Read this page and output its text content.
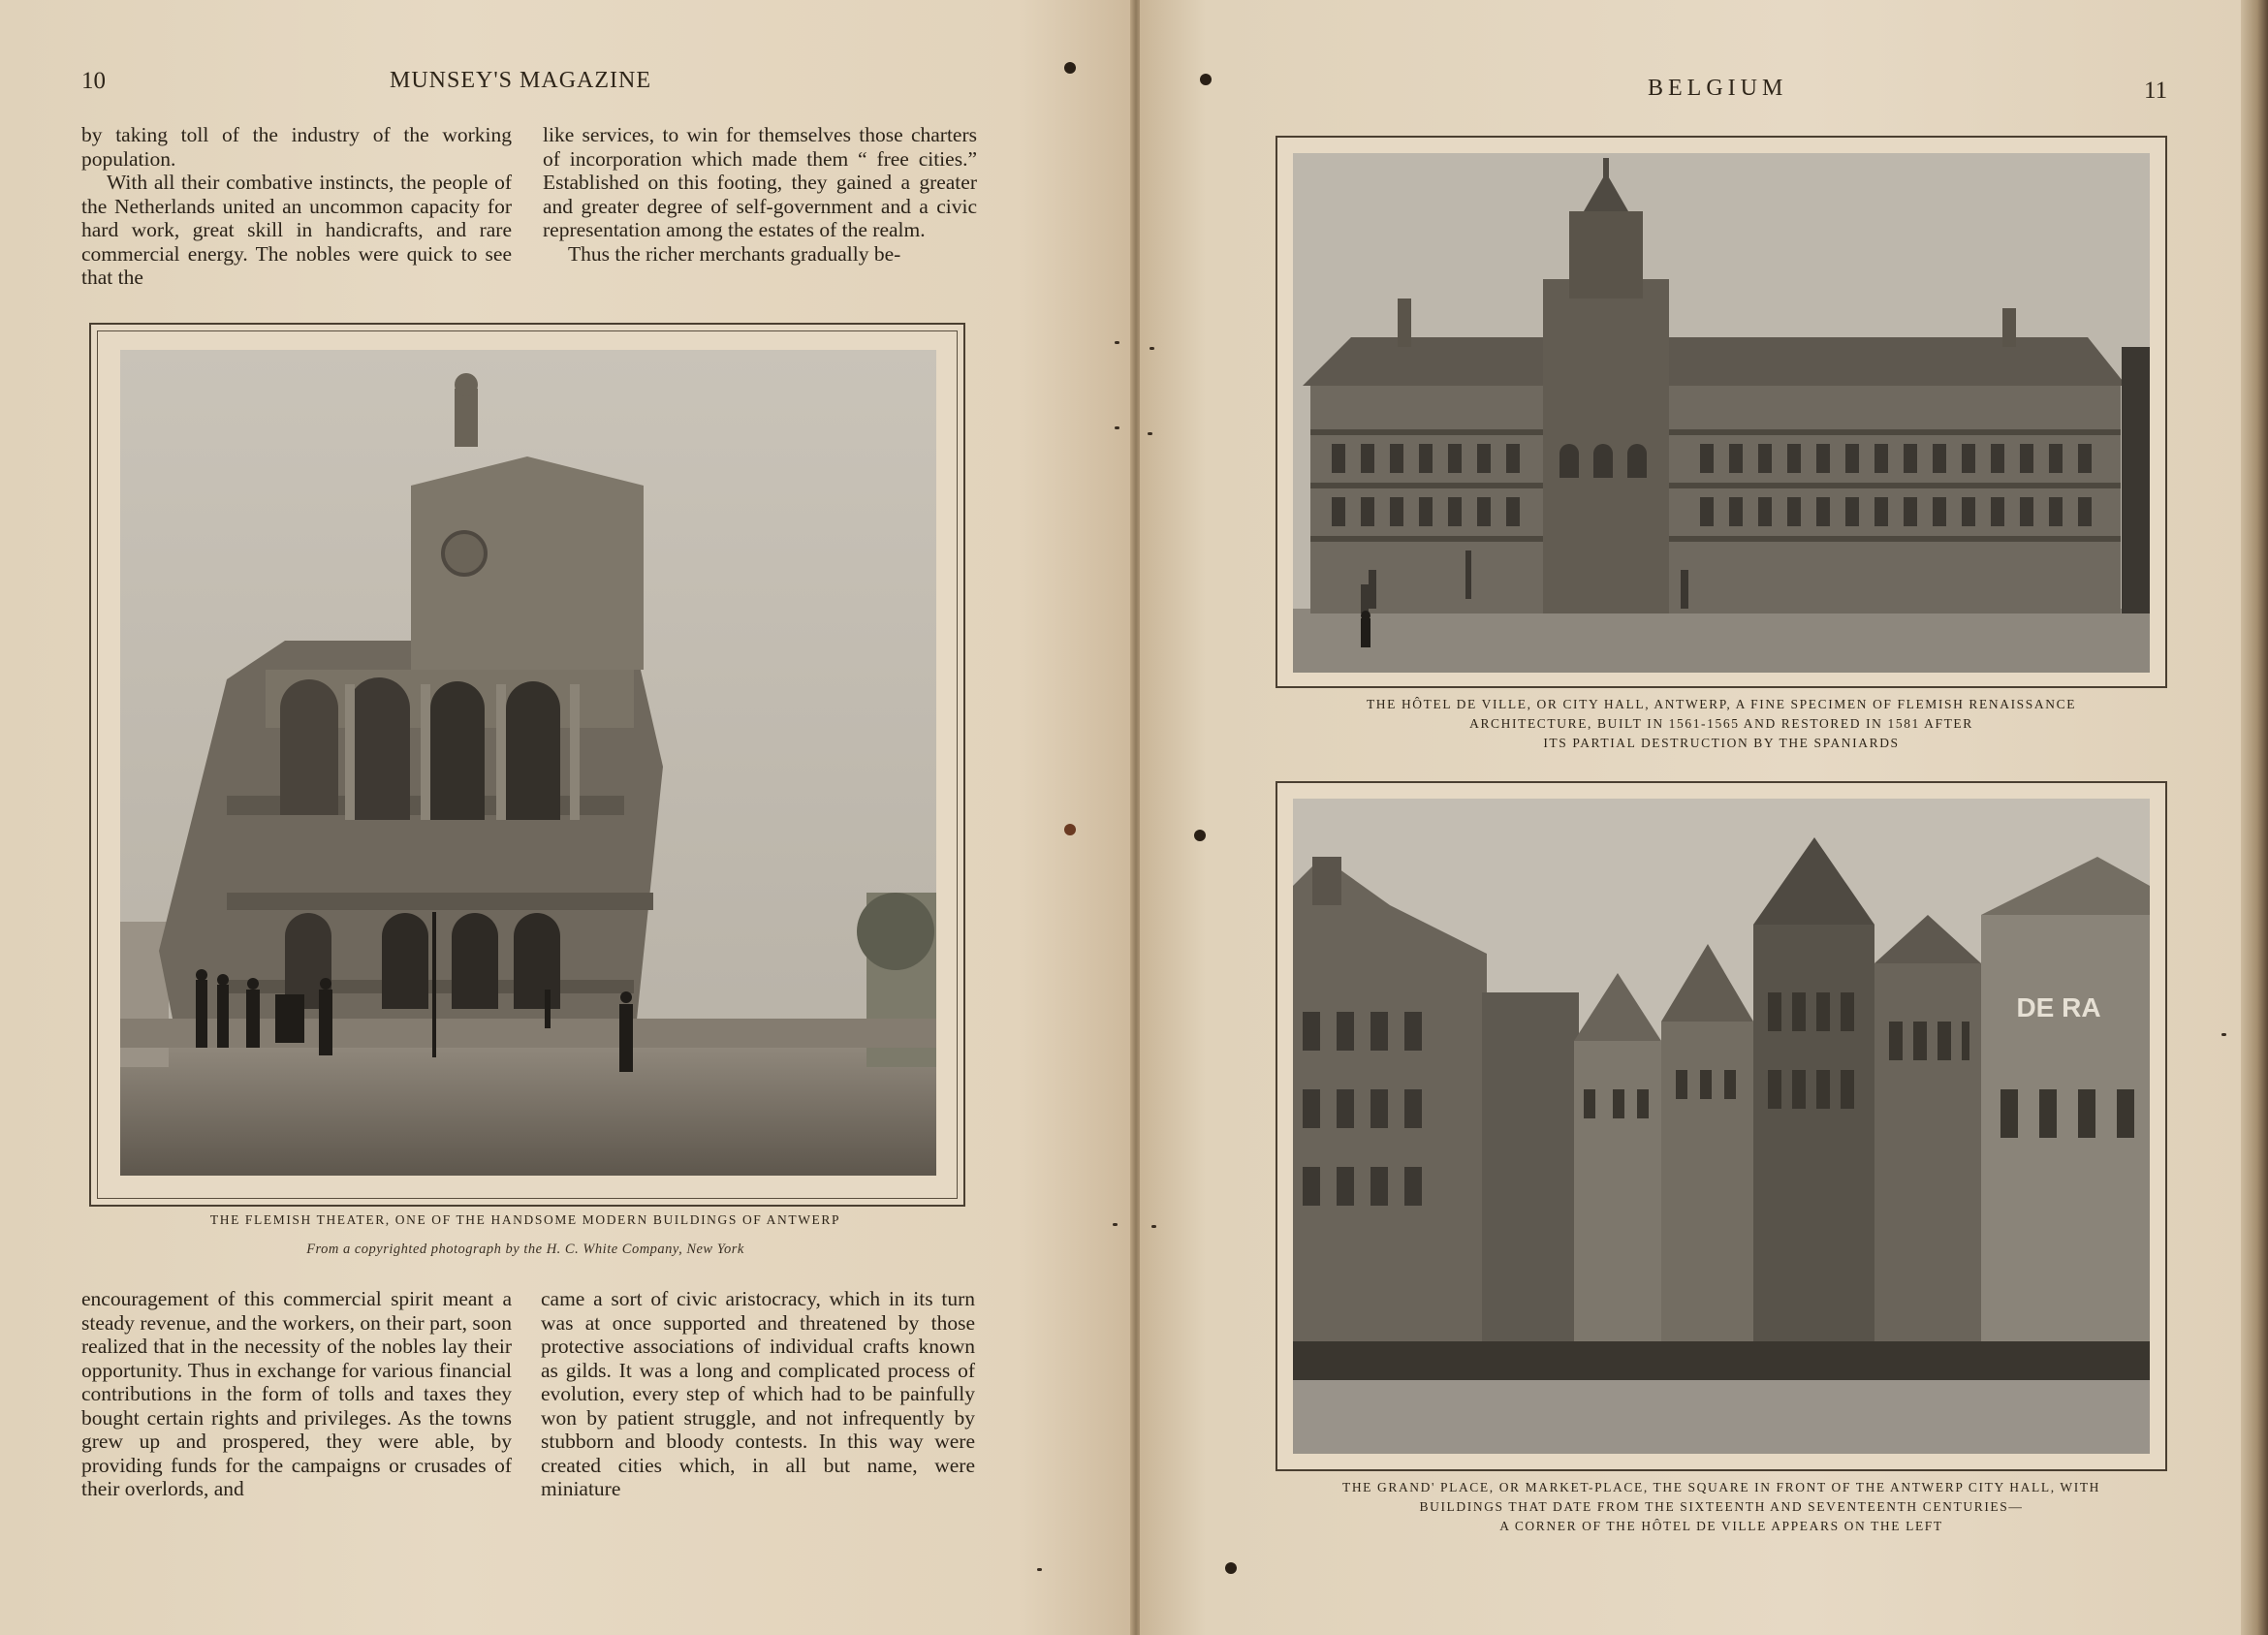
10	MUNSEY'S MAGAZINE

by taking toll of the industry of the working population.

With all their combative instincts, the people of the Netherlands united an uncommon capacity for hard work, great skill in handicrafts, and rare commercial energy. The nobles were quick to see that the

like services, to win for themselves those charters of incorporation which made them “ free cities.” Established on this footing, they gained a greater and greater degree of self-government and a civic representation among the estates of the realm.

Thus the richer merchants gradually be-

THE FLEMISH THEATER, ONE OF THE HANDSOME MODERN BUILDINGS OF ANTWERP
From a copyrighted photograph by the H. C. White Company, New York

encouragement of this commercial spirit meant a steady revenue, and the workers, on their part, soon realized that in the necessity of the nobles lay their opportunity. Thus in exchange for various financial contributions in the form of tolls and taxes they bought certain rights and privileges. As the towns grew up and prospered, they were able, by providing funds for the campaigns or crusades of their overlords, and

came a sort of civic aristocracy, which in its turn was at once supported and threatened by those protective associations of individual crafts known as gilds. It was a long and complicated process of evolution, every step of which had to be painfully won by patient struggle, and not infrequently by stubborn and bloody contests. In this way were created cities which, in all but name, were miniature

BELGIUM	11
THE HÔTEL DE VILLE, OR CITY HALL, ANTWERP, A FINE SPECIMEN OF FLEMISH RENAISSANCE
ARCHITECTURE, BUILT IN 1561-1565 AND RESTORED IN 1581 AFTER
ITS PARTIAL DESTRUCTION BY THE SPANIARDS
DE RA
THE GRAND' PLACE, OR MARKET-PLACE, THE SQUARE IN FRONT OF THE ANTWERP CITY HALL, WITH
BUILDINGS THAT DATE FROM THE SIXTEENTH AND SEVENTEENTH CENTURIES—
A CORNER OF THE HÔTEL DE VILLE APPEARS ON THE LEFT
